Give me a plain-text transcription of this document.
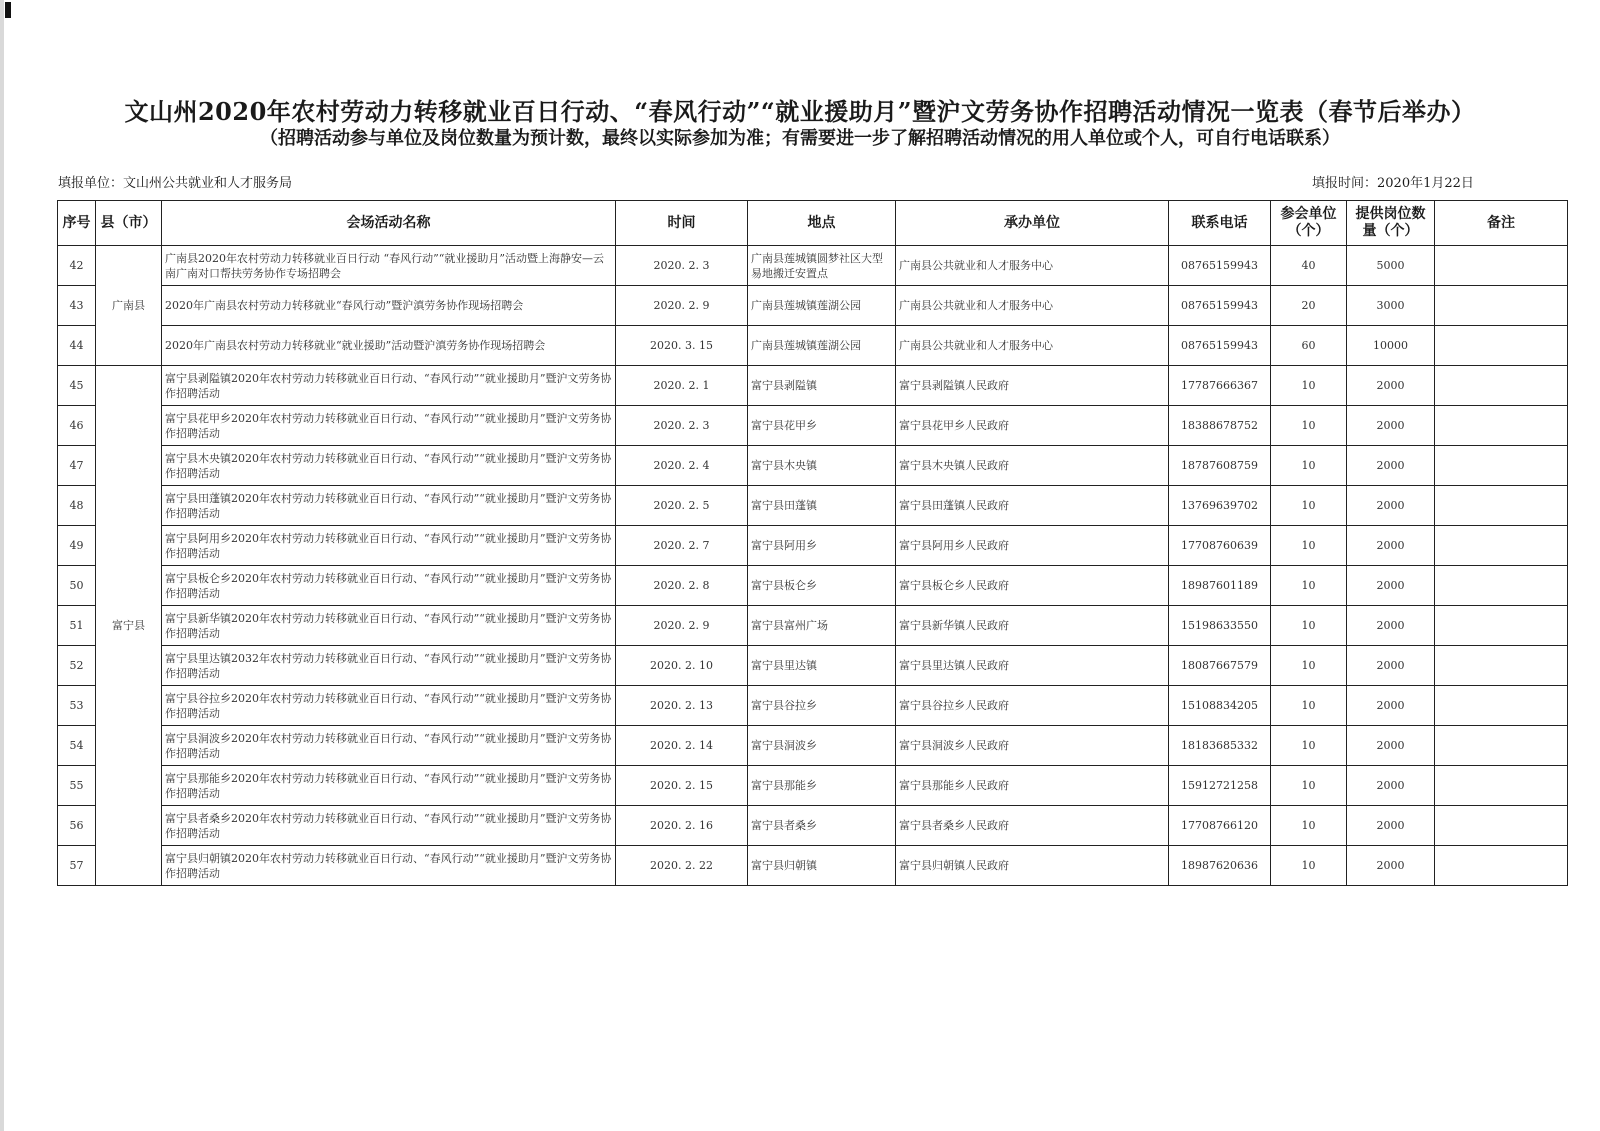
文山州2020年农村劳动力转移就业百日行动、“春风行动”“就业援助月”暨沪文劳务协作招聘活动情况一览表（春节后举办）
（招聘活动参与单位及岗位数量为预计数，最终以实际参加为准；有需要进一步了解招聘活动情况的用人单位或个人，可自行电话联系）
填报单位：文山州公共就业和人才服务局	填报时间：2020年1月22日
序号	县（市）	会场活动名称	时间	地点	承办单位	联系电话	参会单位（个）	提供岗位数量（个）	备注
42	广南县	广南县2020年农村劳动力转移就业百日行动 “春风行动”“就业援助月”活动暨上海静安—云南广南对口帮扶劳务协作专场招聘会	2020. 2. 3	广南县莲城镇圆梦社区大型易地搬迁安置点	广南县公共就业和人才服务中心	08765159943	40	5000	
43		2020年广南县农村劳动力转移就业“春风行动”暨沪滇劳务协作现场招聘会	2020. 2. 9	广南县莲城镇莲湖公园	广南县公共就业和人才服务中心	08765159943	20	3000	
44		2020年广南县农村劳动力转移就业“就业援助”活动暨沪滇劳务协作现场招聘会	2020. 3. 15	广南县莲城镇莲湖公园	广南县公共就业和人才服务中心	08765159943	60	10000	
45	富宁县	富宁县剥隘镇2020年农村劳动力转移就业百日行动、“春风行动”“就业援助月”暨沪文劳务协作招聘活动	2020. 2. 1	富宁县剥隘镇	富宁县剥隘镇人民政府	17787666367	10	2000	
46		富宁县花甲乡2020年农村劳动力转移就业百日行动、“春风行动”“就业援助月”暨沪文劳务协作招聘活动	2020. 2. 3	富宁县花甲乡	富宁县花甲乡人民政府	18388678752	10	2000	
47		富宁县木央镇2020年农村劳动力转移就业百日行动、“春风行动”“就业援助月”暨沪文劳务协作招聘活动	2020. 2. 4	富宁县木央镇	富宁县木央镇人民政府	18787608759	10	2000	
48		富宁县田蓬镇2020年农村劳动力转移就业百日行动、“春风行动”“就业援助月”暨沪文劳务协作招聘活动	2020. 2. 5	富宁县田蓬镇	富宁县田蓬镇人民政府	13769639702	10	2000	
49		富宁县阿用乡2020年农村劳动力转移就业百日行动、“春风行动”“就业援助月”暨沪文劳务协作招聘活动	2020. 2. 7	富宁县阿用乡	富宁县阿用乡人民政府	17708760639	10	2000	
50		富宁县板仑乡2020年农村劳动力转移就业百日行动、“春风行动”“就业援助月”暨沪文劳务协作招聘活动	2020. 2. 8	富宁县板仑乡	富宁县板仑乡人民政府	18987601189	10	2000	
51		富宁县新华镇2020年农村劳动力转移就业百日行动、“春风行动”“就业援助月”暨沪文劳务协作招聘活动	2020. 2. 9	富宁县富州广场	富宁县新华镇人民政府	15198633550	10	2000	
52		富宁县里达镇2032年农村劳动力转移就业百日行动、“春风行动”“就业援助月”暨沪文劳务协作招聘活动	2020. 2. 10	富宁县里达镇	富宁县里达镇人民政府	18087667579	10	2000	
53		富宁县谷拉乡2020年农村劳动力转移就业百日行动、“春风行动”“就业援助月”暨沪文劳务协作招聘活动	2020. 2. 13	富宁县谷拉乡	富宁县谷拉乡人民政府	15108834205	10	2000	
54		富宁县洞波乡2020年农村劳动力转移就业百日行动、“春风行动”“就业援助月”暨沪文劳务协作招聘活动	2020. 2. 14	富宁县洞波乡	富宁县洞波乡人民政府	18183685332	10	2000	
55		富宁县那能乡2020年农村劳动力转移就业百日行动、“春风行动”“就业援助月”暨沪文劳务协作招聘活动	2020. 2. 15	富宁县那能乡	富宁县那能乡人民政府	15912721258	10	2000	
56		富宁县者桑乡2020年农村劳动力转移就业百日行动、“春风行动”“就业援助月”暨沪文劳务协作招聘活动	2020. 2. 16	富宁县者桑乡	富宁县者桑乡人民政府	17708766120	10	2000	
57		富宁县归朝镇2020年农村劳动力转移就业百日行动、“春风行动”“就业援助月”暨沪文劳务协作招聘活动	2020. 2. 22	富宁县归朝镇	富宁县归朝镇人民政府	18987620636	10	2000	
